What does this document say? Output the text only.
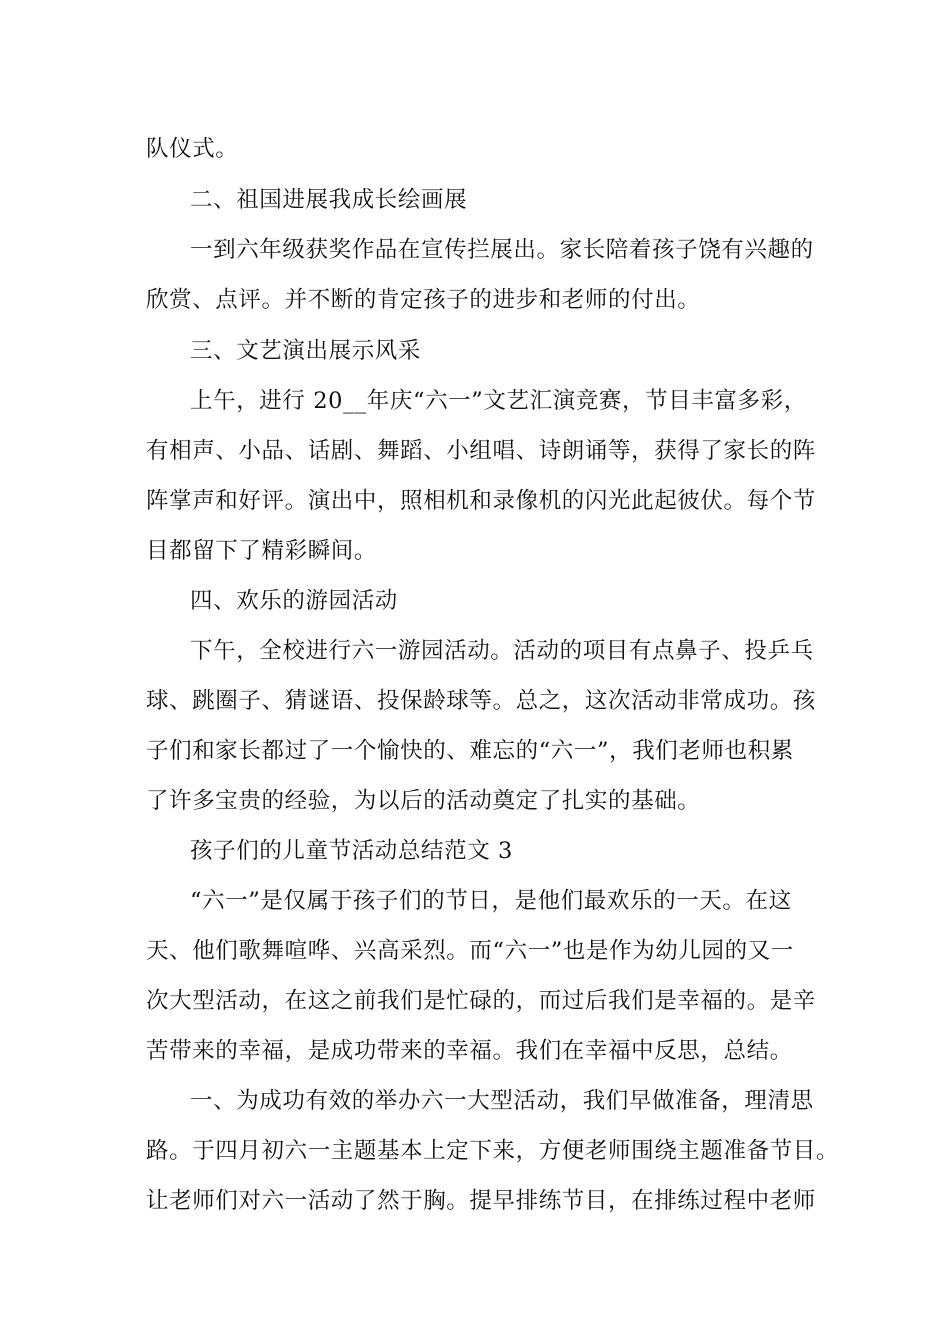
队仪式。
二、祖国进展我成长绘画展
一到六年级获奖作品在宣传拦展出。家长陪着孩子饶有兴趣的
欣赏、点评。并不断的肯定孩子的进步和老师的付出。
三、文艺演出展示风采
上午，进行 20__年庆“六一”文艺汇演竞赛，节目丰富多彩，
有相声、小品、话剧、舞蹈、小组唱、诗朗诵等，获得了家长的阵
阵掌声和好评。演出中，照相机和录像机的闪光此起彼伏。每个节
目都留下了精彩瞬间。
四、欢乐的游园活动
下午，全校进行六一游园活动。活动的项目有点鼻子、投乒乓
球、跳圈子、猜谜语、投保龄球等。总之，这次活动非常成功。孩
子们和家长都过了一个愉快的、难忘的“六一”，我们老师也积累
了许多宝贵的经验，为以后的活动奠定了扎实的基础。
孩子们的儿童节活动总结范文 3
“六一”是仅属于孩子们的节日，是他们最欢乐的一天。在这
天、他们歌舞喧哗、兴高采烈。而“六一”也是作为幼儿园的又一
次大型活动，在这之前我们是忙碌的，而过后我们是幸福的。是辛
苦带来的幸福，是成功带来的幸福。我们在幸福中反思，总结。
一、为成功有效的举办六一大型活动，我们早做准备，理清思
路。于四月初六一主题基本上定下来，方便老师围绕主题准备节目。
让老师们对六一活动了然于胸。提早排练节目，在排练过程中老师
